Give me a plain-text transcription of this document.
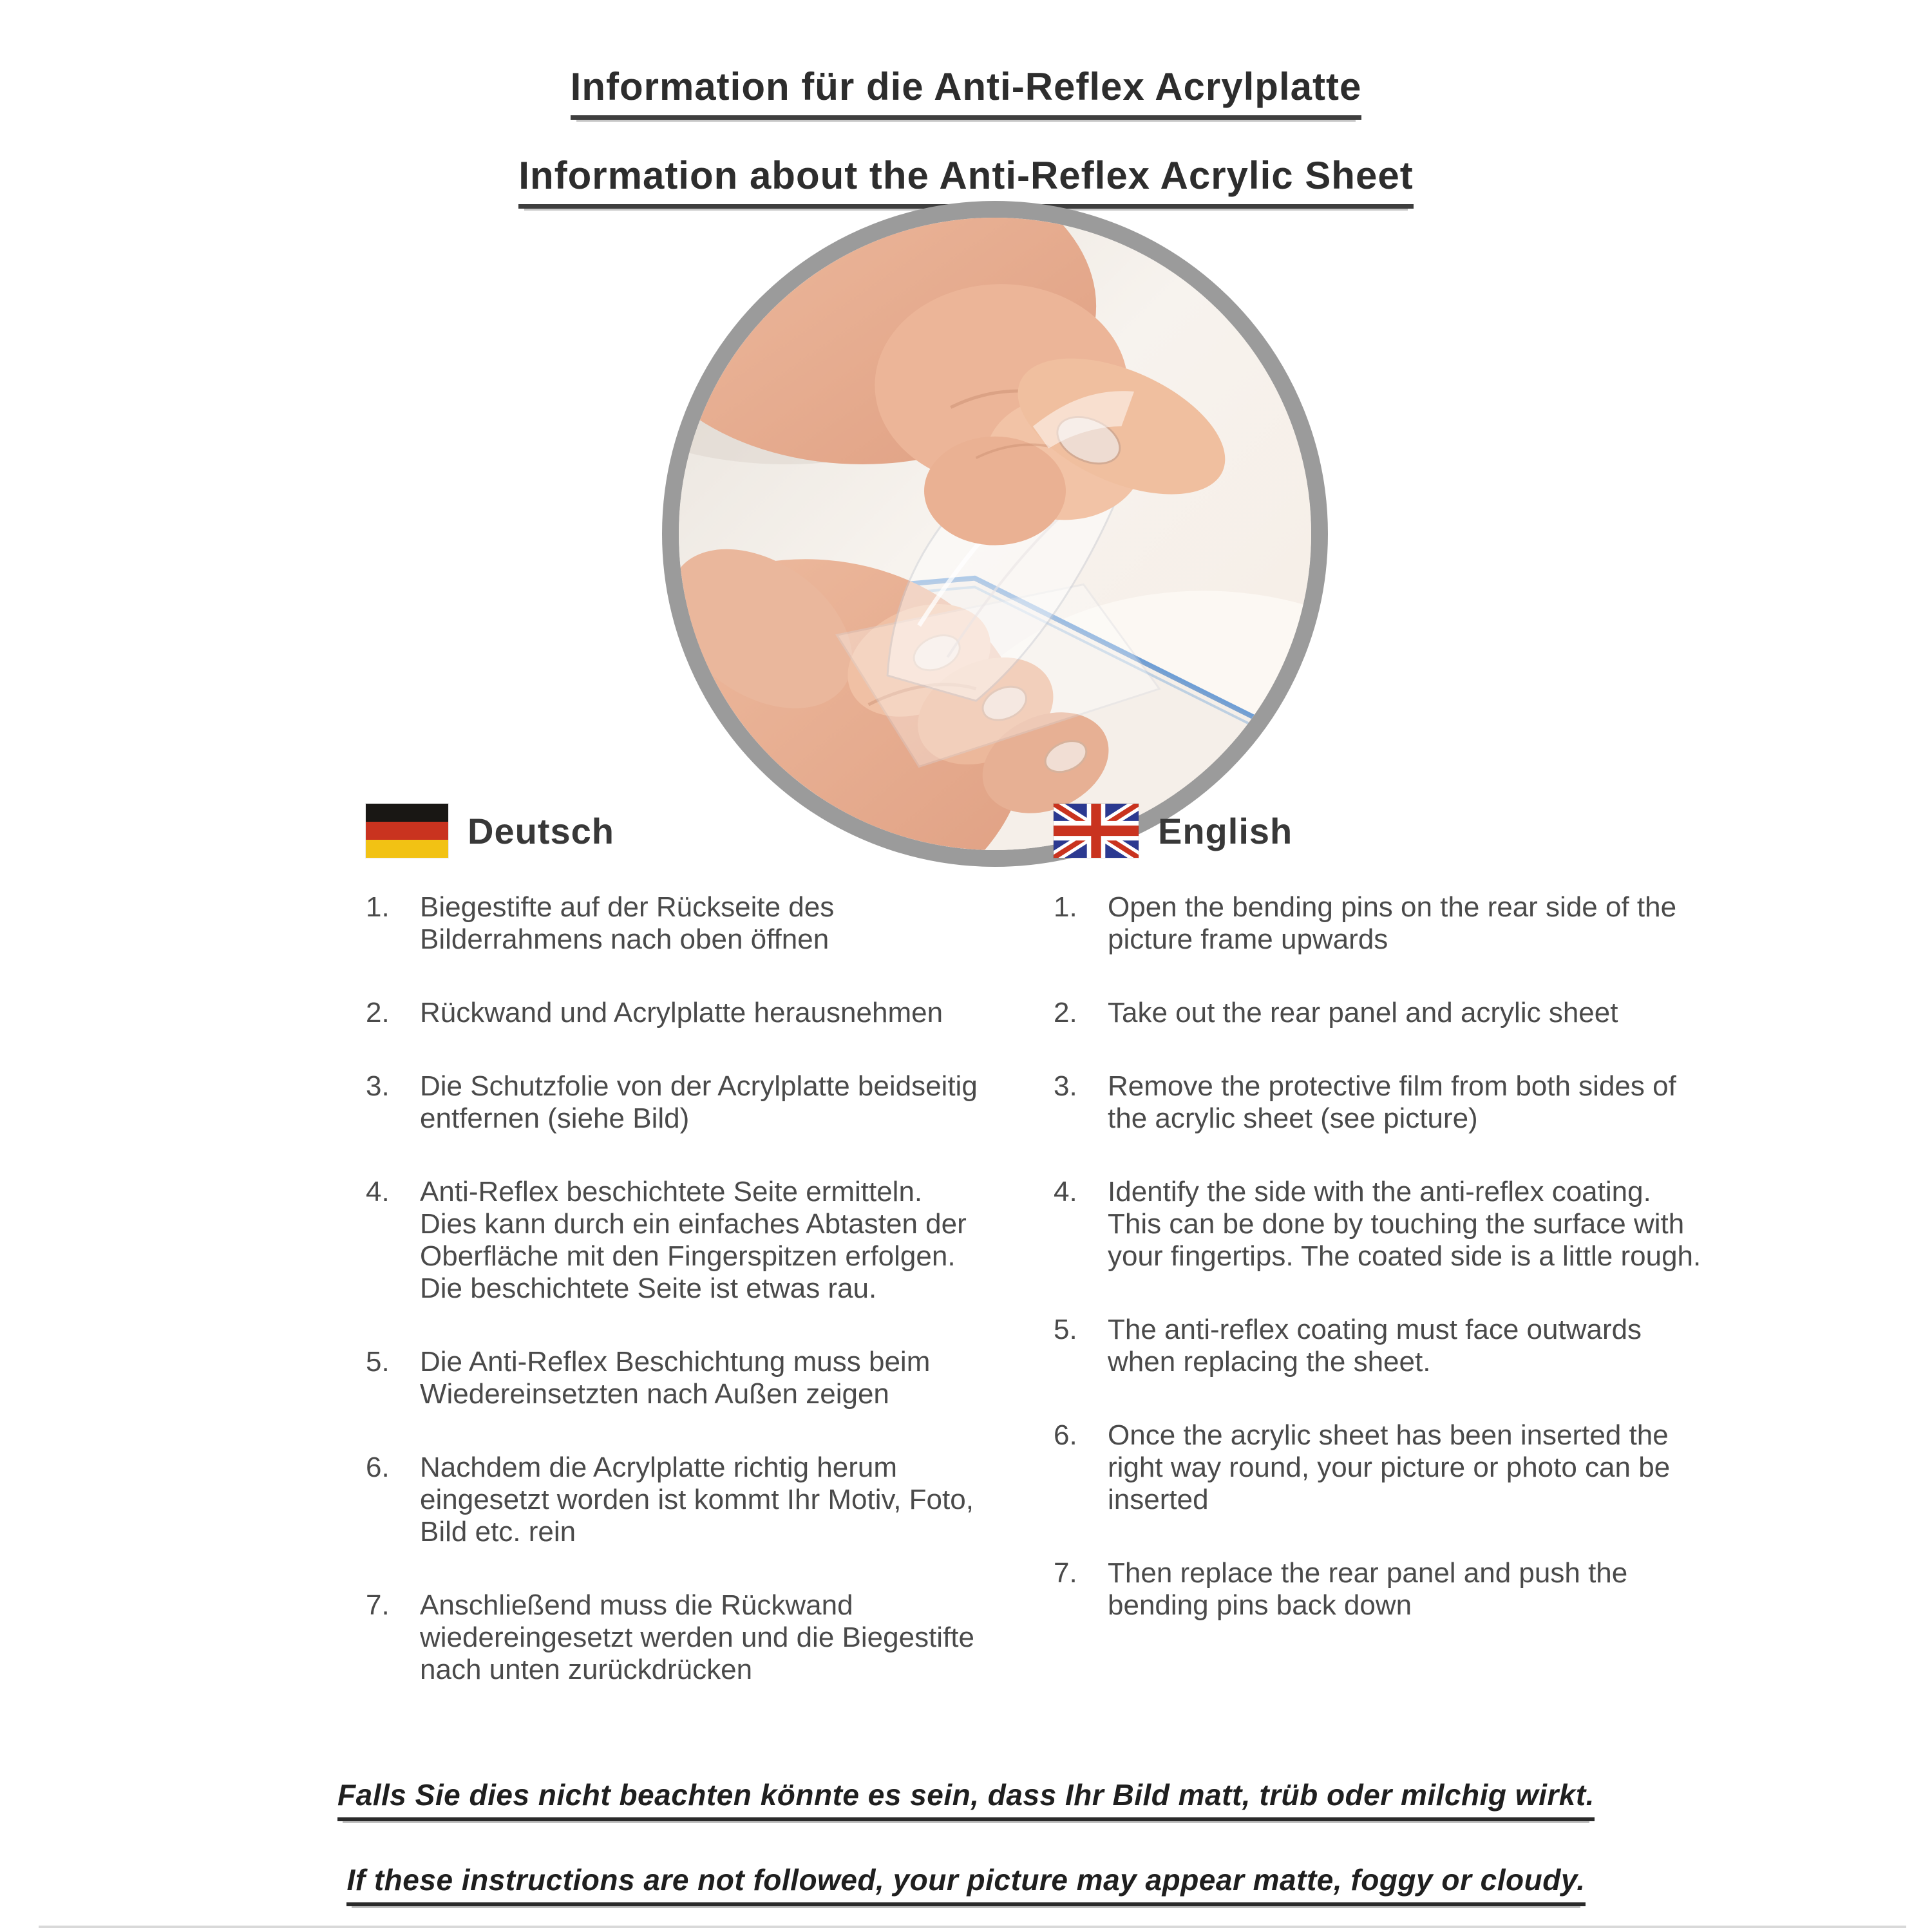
Information für die Anti-Reflex Acrylplatte
Information about the Anti-Reflex Acrylic Sheet
Deutsch
1.	Biegestifte auf der Rückseite des Bilderrahmens nach oben öffnen
2.	Rückwand und Acrylplatte herausnehmen
3.	Die Schutzfolie von der Acrylplatte beidseitig entfernen (siehe Bild)
4.	Anti-Reflex beschichtete Seite ermitteln. Dies kann durch ein einfaches Abtasten der Oberfläche mit den Fingerspitzen erfolgen. Die beschichtete Seite ist etwas rau.
5.	Die Anti-Reflex Beschichtung muss beim Wiedereinsetzten nach Außen zeigen
6.	Nachdem die Acrylplatte richtig herum eingesetzt worden ist kommt Ihr Motiv, Foto, Bild etc. rein
7.	Anschließend muss die Rückwand wiedereingesetzt werden und die Biegestifte nach unten zurückdrücken
English
1.	Open the bending pins on the rear side of the picture frame upwards
2.	Take out the rear panel and acrylic sheet
3.	Remove the protective film from both sides of the acrylic sheet (see picture)
4.	Identify the side with the anti-reflex coating. This can be done by touching the surface with your fingertips. The coated side is a little rough.
5.	The anti-reflex coating must face outwards when replacing the sheet.
6.	Once the acrylic sheet has been inserted the right way round, your picture or photo can be inserted
7.	Then replace the rear panel and push the bending pins back down
Falls Sie dies nicht beachten könnte es sein, dass Ihr Bild matt, trüb oder milchig wirkt.
If these instructions are not followed, your picture may appear matte, foggy or cloudy.
